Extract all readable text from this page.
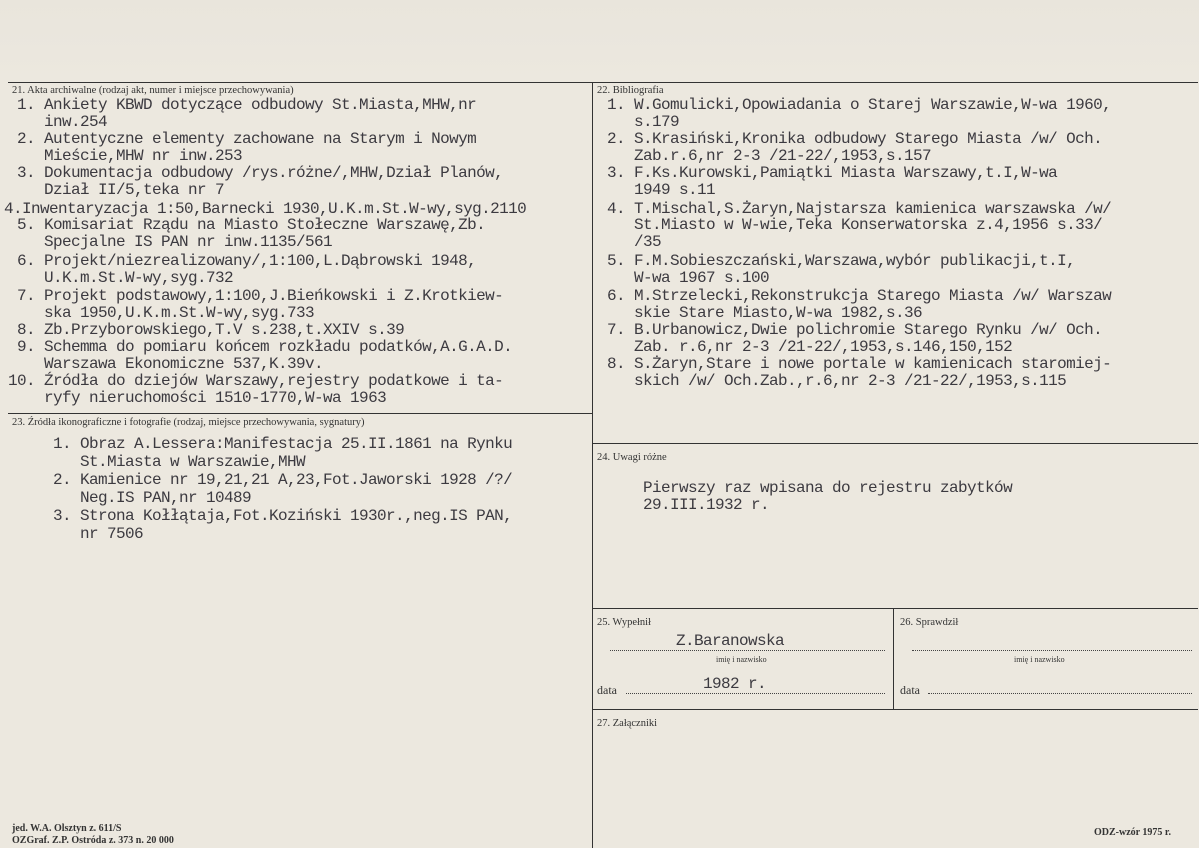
21. Akta archiwalne (rodzaj akt, numer i miejsce przechowywania)
1. Ankiety KBWD dotyczące odbudowy St.Miasta,MHW,nr
inw.254
2. Autentyczne elementy zachowane na Starym i Nowym
Mieście,MHW nr inw.253
3. Dokumentacja odbudowy /rys.różne/,MHW,Dział Planów,
Dział II/5,teka nr 7
4.Inwentaryzacja 1:50,Barnecki 1930,U.K.m.St.W-wy,syg.2110
5. Komisariat Rządu na Miasto Stołeczne Warszawę,Zb.
Specjalne IS PAN nr inw.1135/561
6. Projekt/niezrealizowany/,1:100,L.Dąbrowski 1948,
U.K.m.St.W-wy,syg.732
7. Projekt podstawowy,1:100,J.Bieńkowski i Z.Krotkiew-
ska 1950,U.K.m.St.W-wy,syg.733
8. Zb.Przyborowskiego,T.V s.238,t.XXIV s.39
9. Schemma do pomiaru końcem rozkładu podatków,A.G.A.D.
Warszawa Ekonomiczne 537,K.39v.
10. Źródła do dziejów Warszawy,rejestry podatkowe i ta-
ryfy nieruchomości 1510-1770,W-wa 1963
22. Bibliografia
1. W.Gomulicki,Opowiadania o Starej Warszawie,W-wa 1960,
s.179
2. S.Krasiński,Kronika odbudowy Starego Miasta /w/ Och.
Zab.r.6,nr 2-3 /21-22/,1953,s.157
3. F.Ks.Kurowski,Pamiątki Miasta Warszawy,t.I,W-wa
1949 s.11
4. T.Mischal,S.Żaryn,Najstarsza kamienica warszawska /w/
St.Miasto w W-wie,Teka Konserwatorska z.4,1956 s.33/
/35
5. F.M.Sobieszczański,Warszawa,wybór publikacji,t.I,
W-wa 1967 s.100
6. M.Strzelecki,Rekonstrukcja Starego Miasta /w/ Warszaw
skie Stare Miasto,W-wa 1982,s.36
7. B.Urbanowicz,Dwie polichromie Starego Rynku /w/ Och.
Zab. r.6,nr 2-3 /21-22/,1953,s.146,150,152
8. S.Żaryn,Stare i nowe portale w kamienicach staromiej-
skich /w/ Och.Zab.,r.6,nr 2-3 /21-22/,1953,s.115
23. Źródła ikonograficzne i fotografie (rodzaj, miejsce przechowywania, sygnatury)
1. Obraz A.Lessera:Manifestacja 25.II.1861 na Rynku
St.Miasta w Warszawie,MHW
2. Kamienice nr 19,21,21 A,23,Fot.Jaworski 1928 /?/
Neg.IS PAN,nr 10489
3. Strona Kołłątaja,Fot.Koziński 1930r.,neg.IS PAN,
nr 7506
24. Uwagi różne
Pierwszy raz wpisana do rejestru zabytków
29.III.1932 r.
25. Wypełnił
Z.Baranowska
imię i nazwisko
data	1982 r.
26. Sprawdził
imię i nazwisko
data
27. Załączniki
jed. W.A. Olsztyn z. 611/S
OZGraf. Z.P. Ostróda z. 373 n. 20 000
ODZ-wzór 1975 r.
